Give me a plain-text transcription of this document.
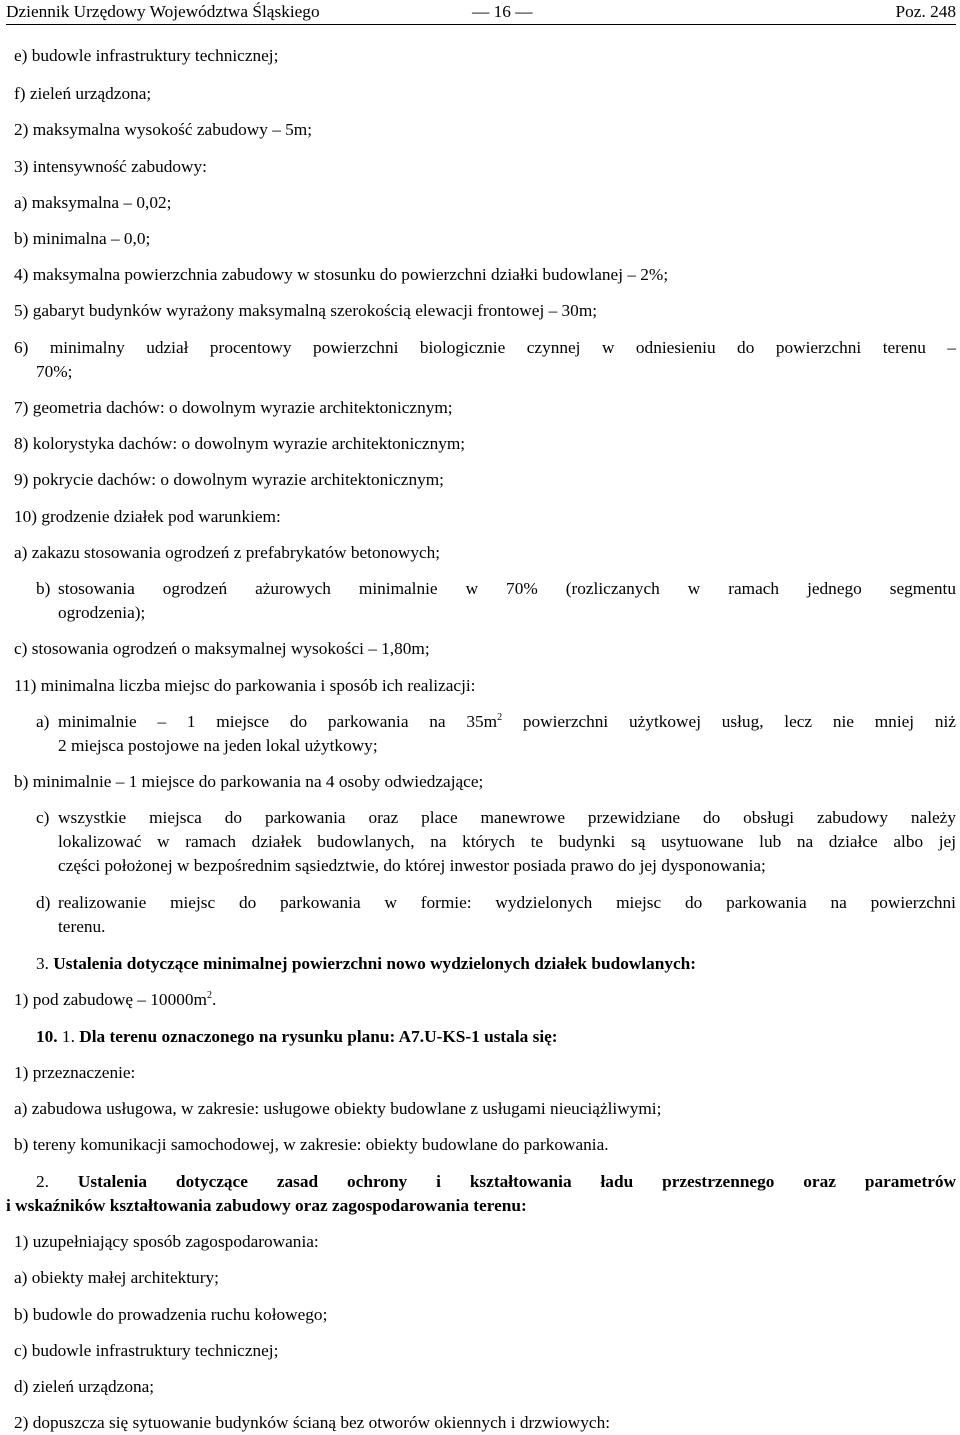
Dziennik Urzędowy Województwa Śląskiego	— 16 —	Poz. 248
e) budowle infrastruktury technicznej;
f) zieleń urządzona;
2) maksymalna wysokość zabudowy – 5m;
3) intensywność zabudowy:
a) maksymalna – 0,02;
b) minimalna – 0,0;
4) maksymalna powierzchnia zabudowy w stosunku do powierzchni działki budowlanej – 2%;
5) gabaryt budynków wyrażony maksymalną szerokością elewacji frontowej – 30m;
6) minimalny udział procentowy powierzchni biologicznie czynnej w odniesieniu do powierzchni terenu –
70%;
7) geometria dachów: o dowolnym wyrazie architektonicznym;
8) kolorystyka dachów: o dowolnym wyrazie architektonicznym;
9) pokrycie dachów: o dowolnym wyrazie architektonicznym;
10) grodzenie działek pod warunkiem:
a) zakazu stosowania ogrodzeń z prefabrykatów betonowych;
b) stosowania ogrodzeń ażurowych minimalnie w 70% (rozliczanych w ramach jednego segmentu
ogrodzenia);
c) stosowania ogrodzeń o maksymalnej wysokości – 1,80m;
11) minimalna liczba miejsc do parkowania i sposób ich realizacji:
a) minimalnie – 1 miejsce do parkowania na $35m^2$ powierzchni użytkowej usług, lecz nie mniej niż
2 miejsca postojowe na jeden lokal użytkowy;
b) minimalnie – 1 miejsce do parkowania na 4 osoby odwiedzające;
c) wszystkie miejsca do parkowania oraz place manewrowe przewidziane do obsługi zabudowy należy
lokalizować w ramach działek budowlanych, na których te budynki są usytuowane lub na działce albo jej
części położonej w bezpośrednim sąsiedztwie, do której inwestor posiada prawo do jej dysponowania;
d) realizowanie miejsc do parkowania w formie: wydzielonych miejsc do parkowania na powierzchni
terenu.
3. Ustalenia dotyczące minimalnej powierzchni nowo wydzielonych działek budowlanych:
1) pod zabudowę – $10000m^2$.
10. 1. Dla terenu oznaczonego na rysunku planu: A7.U-KS-1 ustala się:
1) przeznaczenie:
a) zabudowa usługowa, w zakresie: usługowe obiekty budowlane z usługami nieuciążliwymi;
b) tereny komunikacji samochodowej, w zakresie: obiekty budowlane do parkowania.
2. Ustalenia dotyczące zasad ochrony i kształtowania ładu przestrzennego oraz parametrów
i wskaźników kształtowania zabudowy oraz zagospodarowania terenu:
1) uzupełniający sposób zagospodarowania:
a) obiekty małej architektury;
b) budowle do prowadzenia ruchu kołowego;
c) budowle infrastruktury technicznej;
d) zieleń urządzona;
2) dopuszcza się sytuowanie budynków ścianą bez otworów okiennych i drzwiowych:
